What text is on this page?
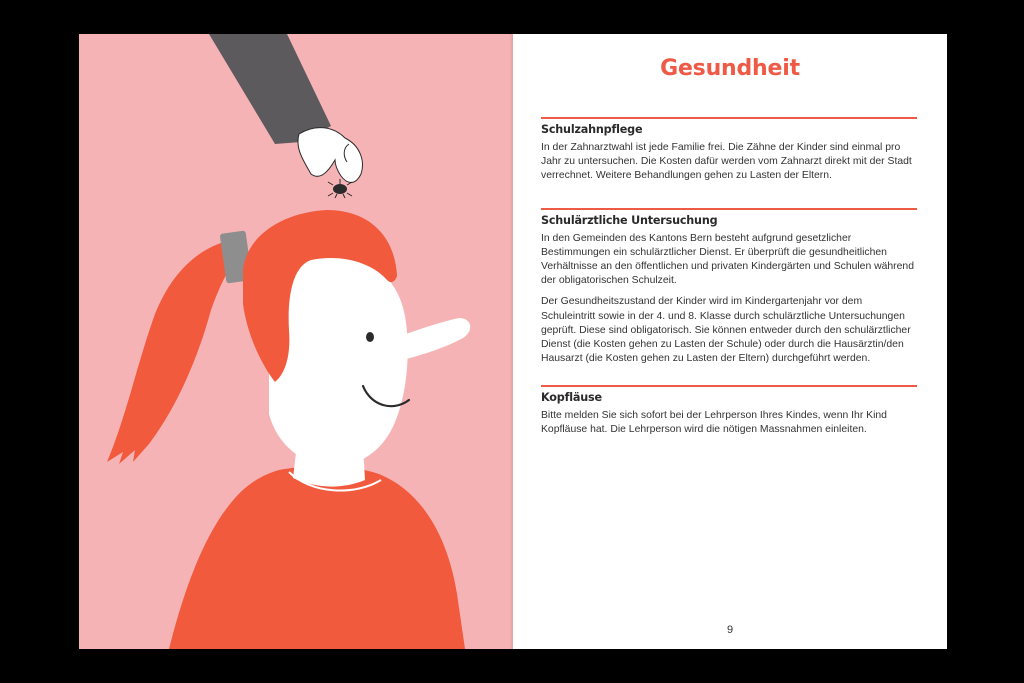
Gesundheit
Schulzahnpflege

In der Zahnarztwahl ist jede Familie frei. Die Zähne der Kinder sind einmal pro Jahr zu untersuchen. Die Kosten dafür werden vom Zahnarzt direkt mit der Stadt verrechnet. Weitere Behandlungen gehen zu Lasten der Eltern.

Schulärztliche Untersuchung

In den Gemeinden des Kantons Bern besteht aufgrund gesetzlicher Bestimmungen ein schulärztlicher Dienst. Er überprüft die gesundheitlichen Verhältnisse an den öffentlichen und privaten Kindergärten und Schulen während der obligatorischen Schulzeit.

Der Gesundheitszustand der Kinder wird im Kindergartenjahr vor dem Schuleintritt sowie in der 4. und 8. Klasse durch schulärztliche Untersuchungen geprüft. Diese sind obligatorisch. Sie können entweder durch den schulärztlicher Dienst (die Kosten gehen zu Lasten der Schule) oder durch die Hausärztin/den Hausarzt (die Kosten gehen zu Lasten der Eltern) durchgeführt werden.

Kopfläuse

Bitte melden Sie sich sofort bei der Lehrperson Ihres Kindes, wenn Ihr Kind Kopfläuse hat. Die Lehrperson wird die nötigen Massnahmen einleiten.

9
